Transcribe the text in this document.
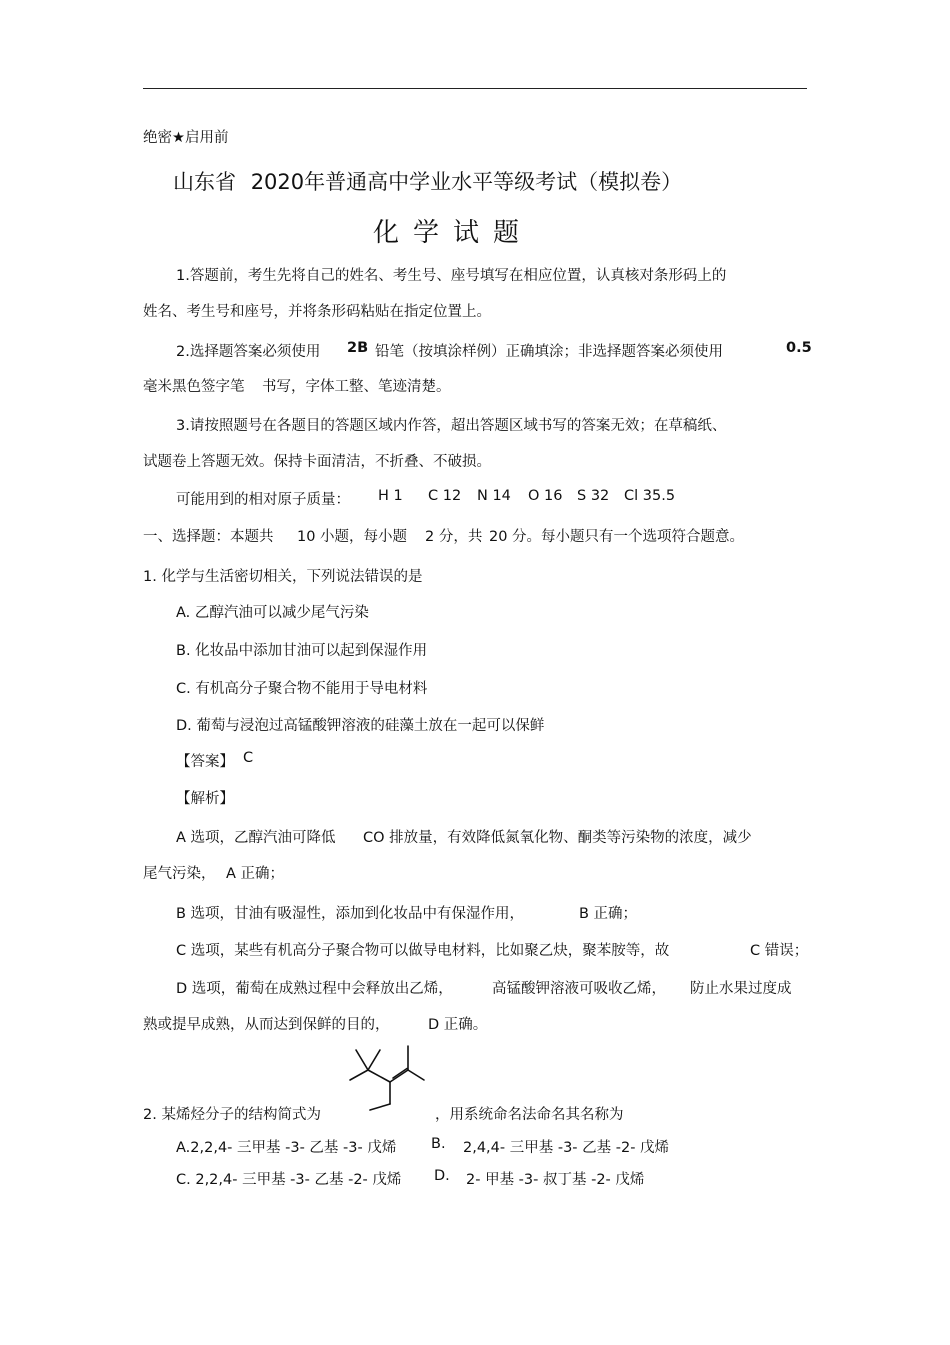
绝密★启用前
山东省 2020年普通高中学业水平等级考试（模拟卷）
化学试题
1.答题前，考生先将自己的姓名、考生号、座号填写在相应位置，认真核对条形码上的
姓名、考生号和座号，并将条形码粘贴在指定位置上。
2.选择题答案必须使用 2B 铅笔（按填涂样例）正确填涂；非选择题答案必须使用	0.5
毫米黑色签字笔 书写，字体工整、笔迹清楚。
3.请按照题号在各题目的答题区域内作答，超出答题区域书写的答案无效；在草稿纸、
试题卷上答题无效。保持卡面清洁，不折叠、不破损。
可能用到的相对原子质量： H 1 C 12 N 14 O 16 S 32 Cl 35.5
一、选择题：本题共 10 小题，每小题 2 分，共 20 分。每小题只有一个选项符合题意。
1. 化学与生活密切相关，下列说法错误的是
A. 乙醇汽油可以减少尾气污染
B. 化妆品中添加甘油可以起到保湿作用
C. 有机高分子聚合物不能用于导电材料
D. 葡萄与浸泡过高锰酸钾溶液的硅藻土放在一起可以保鲜
【答案】 C
【解析】
A 选项，乙醇汽油可降低 CO 排放量，有效降低氮氧化物、酮类等污染物的浓度，减少
尾气污染， A 正确；
B 选项，甘油有吸湿性，添加到化妆品中有保湿作用，	B 正确；
C 选项，某些有机高分子聚合物可以做导电材料，比如聚乙炔，聚苯胺等，故	C 错误；
D 选项，葡萄在成熟过程中会释放出乙烯，	高锰酸钾溶液可吸收乙烯， 防止水果过度成
熟或提早成熟，从而达到保鲜的目的，	D 正确。
2. 某烯烃分子的结构简式为	，用系统命名法命名其名称为
A.2,2,4- 三甲基 -3- 乙基 -3- 戊烯 B. 2,4,4- 三甲基 -3- 乙基 -2- 戊烯
C. 2,2,4- 三甲基 -3- 乙基 -2- 戊烯 D. 2- 甲基 -3- 叔丁基 -2- 戊烯
